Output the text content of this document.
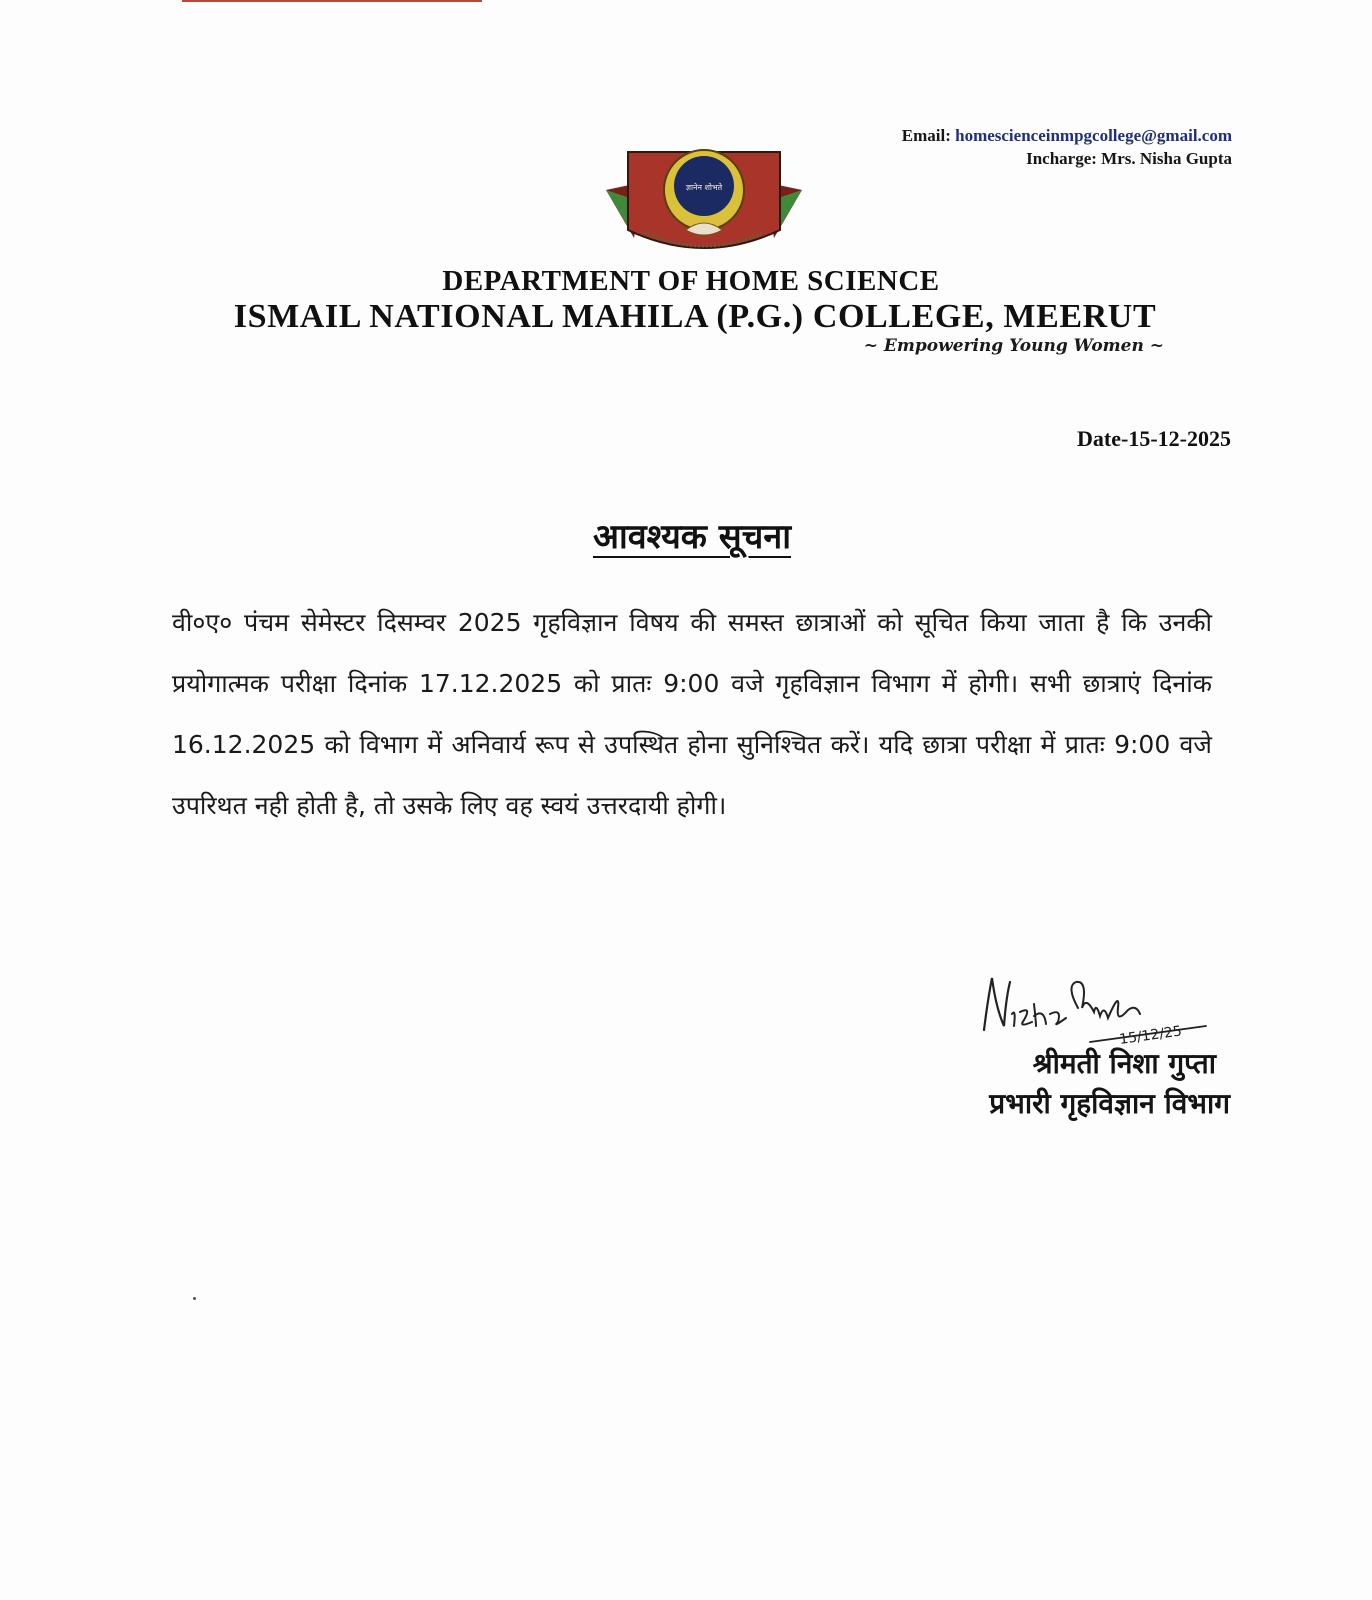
Email: homescienceinmpgcollege@gmail.com
Incharge: Mrs. Nisha Gupta
ज्ञानेन शोभते
DEPARTMENT OF HOME SCIENCE
ISMAIL NATIONAL MAHILA (P.G.) COLLEGE, MEERUT
~ Empowering Young Women ~
Date-15-12-2025
आवश्यक सूचना
वी०ए० पंचम सेमेस्टर दिसम्वर 2025 गृहविज्ञान विषय की समस्त छात्राओं को सूचित किया जाता है कि उनकी प्रयोगात्मक परीक्षा दिनांक 17.12.2025 को प्रातः 9:00 वजे गृहविज्ञान विभाग में होगी। सभी छात्राएं दिनांक 16.12.2025 को विभाग में अनिवार्य रूप से उपस्थित होना सुनिश्चित करें। यदि छात्रा परीक्षा में प्रातः 9:00 वजे उपरिथत नही होती है, तो उसके लिए वह स्वयं उत्तरदायी होगी।
15/12/25
श्रीमती निशा गुप्ता
प्रभारी गृहविज्ञान विभाग
